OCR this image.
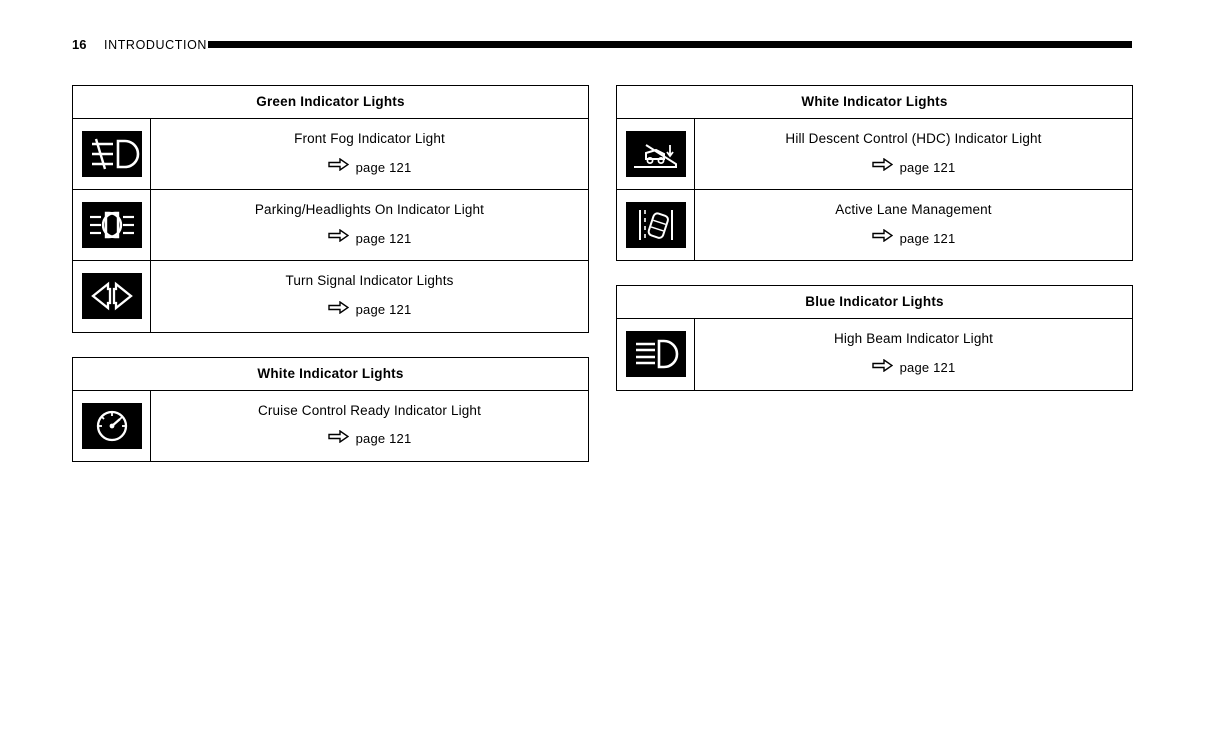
16 INTRODUCTION
Green Indicator Lights	

Front Fog Indicator Light
page 121

Parking/Headlights On Indicator Light
page 121

Turn Signal Indicator Lights
page 121
White Indicator Lights

Cruise Control Ready Indicator Light
page 121
White Indicator Lights	

Hill Descent Control (HDC) Indicator Light
page 121

Active Lane Management
page 121
Blue Indicator Lights

High Beam Indicator Light
page 121
